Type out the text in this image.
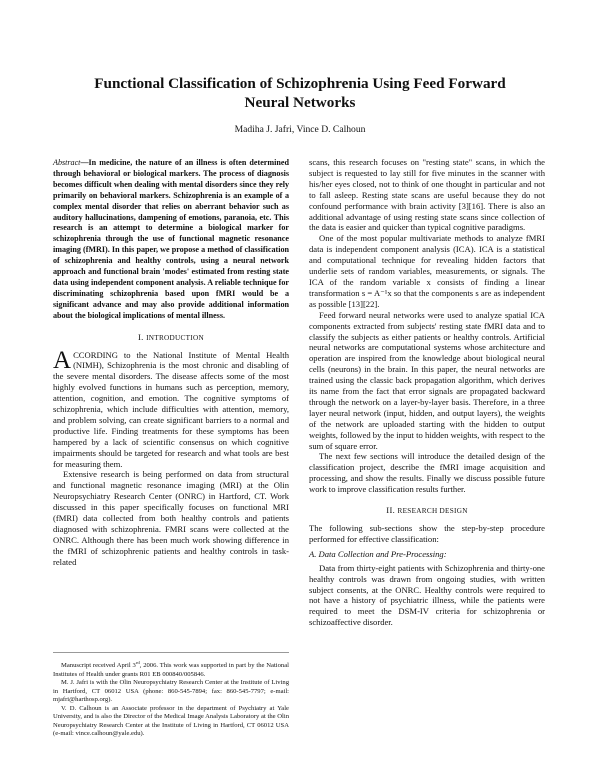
Functional Classification of Schizophrenia Using Feed Forward
Neural Networks
Madiha J. Jafri, Vince D. Calhoun

Abstract—In medicine, the nature of an illness is often determined through behavioral or biological markers. The process of diagnosis becomes difficult when dealing with mental disorders since they rely primarily on behavioral markers. Schizophrenia is an example of a complex mental disorder that relies on aberrant behavior such as auditory hallucinations, dampening of emotions, paranoia, etc. This research is an attempt to determine a biological marker for schizophrenia through the use of functional magnetic resonance imaging (fMRI). In this paper, we propose a method of classification of schizophrenia and healthy controls, using a neural network approach and functional brain 'modes' estimated from resting state data using independent component analysis. A reliable technique for discriminating schizophrenia based upon fMRI would be a significant advance and may also provide additional information about the biological implications of mental illness.

I. INTRODUCTION

ACCORDING to the National Institute of Mental Health (NIMH), Schizophrenia is the most chronic and disabling of the severe mental disorders. The disease affects some of the most highly evolved functions in humans such as perception, memory, attention, cognition, and emotion. The cognitive symptoms of schizophrenia, which include difficulties with attention, memory, and problem solving, can create significant barriers to a normal and productive life. Finding treatments for these symptoms has been hampered by a lack of scientific consensus on which cognitive impairments should be targeted for research and what tools are best for measuring them.

Extensive research is being performed on data from structural and functional magnetic resonance imaging (MRI) at the Olin Neuropsychiatry Research Center (ONRC) in Hartford, CT. Work discussed in this paper specifically focuses on functional MRI (fMRI) data collected from both healthy controls and patients diagnosed with schizophrenia. FMRI scans were collected at the ONRC. Although there has been much work showing difference in the fMRI of schizophrenic patients and healthy controls in task-related

Manuscript received April 3rd, 2006. This work was supported in part by the National Institutes of Health under grants R01 EB 000840/005846.

M. J. Jafri is with the Olin Neuropsychiatry Research Center at the Institute of Living in Hartford, CT 06012 USA (phone: 860-545-7894; fax: 860-545-7797; e-mail: mjafri@harthosp.org).

V. D. Calhoun is an Associate professor in the department of Psychiatry at Yale University, and is also the Director of the Medical Image Analysis Laboratory at the Olin Neuropsychiatry Research Center at the Institute of Living in Hartford, CT 06012 USA (e-mail: vince.calhoun@yale.edu).

scans, this research focuses on "resting state" scans, in which the subject is requested to lay still for five minutes in the scanner with his/her eyes closed, not to think of one thought in particular and not to fall asleep. Resting state scans are useful because they do not confound performance with brain activity [3][16]. There is also an additional advantage of using resting state scans since collection of the data is easier and quicker than typical cognitive paradigms.

One of the most popular multivariate methods to analyze fMRI data is independent component analysis (ICA). ICA is a statistical and computational technique for revealing hidden factors that underlie sets of random variables, measurements, or signals. The ICA of the random variable x consists of finding a linear transformation s = A⁻¹x so that the components s are as independent as possible [13][22].

Feed forward neural networks were used to analyze spatial ICA components extracted from subjects' resting state fMRI data and to classify the subjects as either patients or healthy controls. Artificial neural networks are computational systems whose architecture and operation are inspired from the knowledge about biological neural cells (neurons) in the brain. In this paper, the neural networks are trained using the classic back propagation algorithm, which derives its name from the fact that error signals are propagated backward through the network on a layer-by-layer basis. Therefore, in a three layer neural network (input, hidden, and output layers), the weights of the network are uploaded starting with the hidden to output weights, followed by the input to hidden weights, with respect to the sum of square error.

The next few sections will introduce the detailed design of the classification project, describe the fMRI image acquisition and processing, and show the results. Finally we discuss possible future work to improve classification results further.

II. RESEARCH DESIGN

The following sub-sections show the step-by-step procedure performed for effective classification:

A. Data Collection and Pre-Processing:

Data from thirty-eight patients with Schizophrenia and thirty-one healthy controls was drawn from ongoing studies, with written subject consents, at the ONRC. Healthy controls were required to not have a history of psychiatric illness, while the patients were required to meet the DSM-IV criteria for schizophrenia or schizoaffective disorder.
